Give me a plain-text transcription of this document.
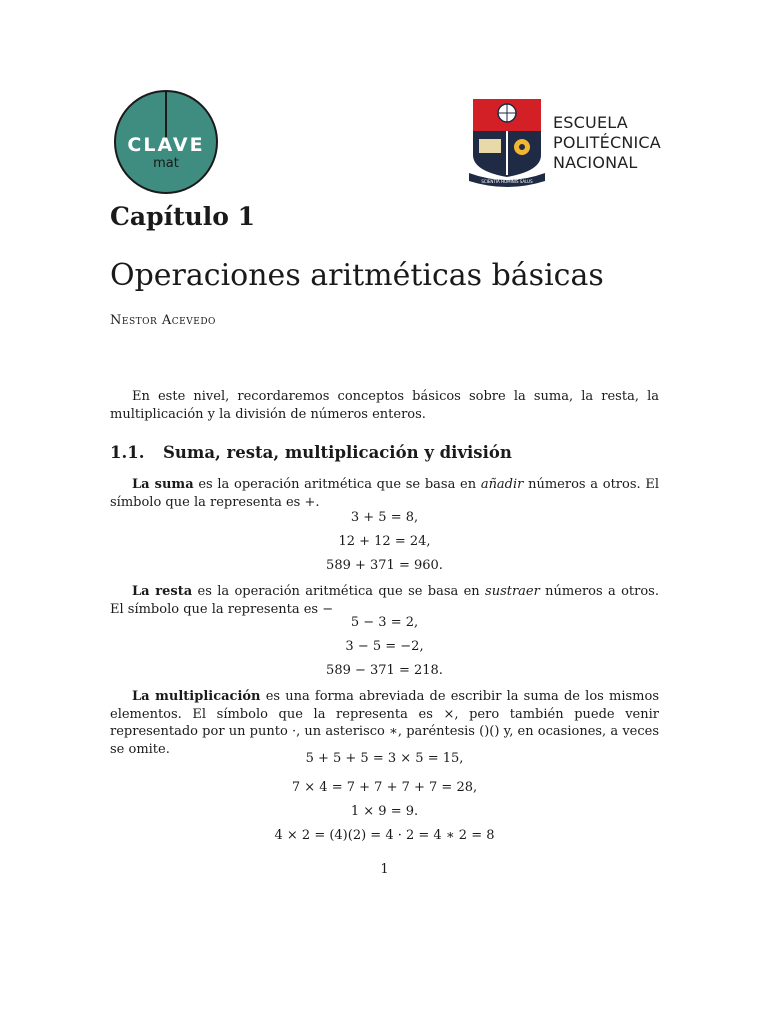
CLAVE
mat
SCIENTIA HOMINIS SALUS
ESCUELA
POLITÉCNICA
NACIONAL
Capítulo 1
Operaciones aritméticas básicas
Nestor Acevedo
En este nivel, recordaremos conceptos básicos sobre la suma, la resta, la multiplicación y la división de números enteros.
1.1. Suma, resta, multiplicación y división
La suma es la operación aritmética que se basa en añadir números a otros. El símbolo que la representa es +.
3 + 5 = 8,
12 + 12 = 24,
589 + 371 = 960.
La resta es la operación aritmética que se basa en sustraer números a otros. El símbolo que la representa es −
5 − 3 = 2,
3 − 5 = −2,
589 − 371 = 218.
La multiplicación es una forma abreviada de escribir la suma de los mismos elementos. El símbolo que la representa es ×, pero también puede venir representado por un punto ·, un asterisco ∗, paréntesis ()() y, en ocasiones, a veces se omite.
5 + 5 + 5 = 3 × 5 = 15,
7 × 4 = 7 + 7 + 7 + 7 = 28,
1 × 9 = 9.
4 × 2 = (4)(2) = 4 · 2 = 4 ∗ 2 = 8
1
